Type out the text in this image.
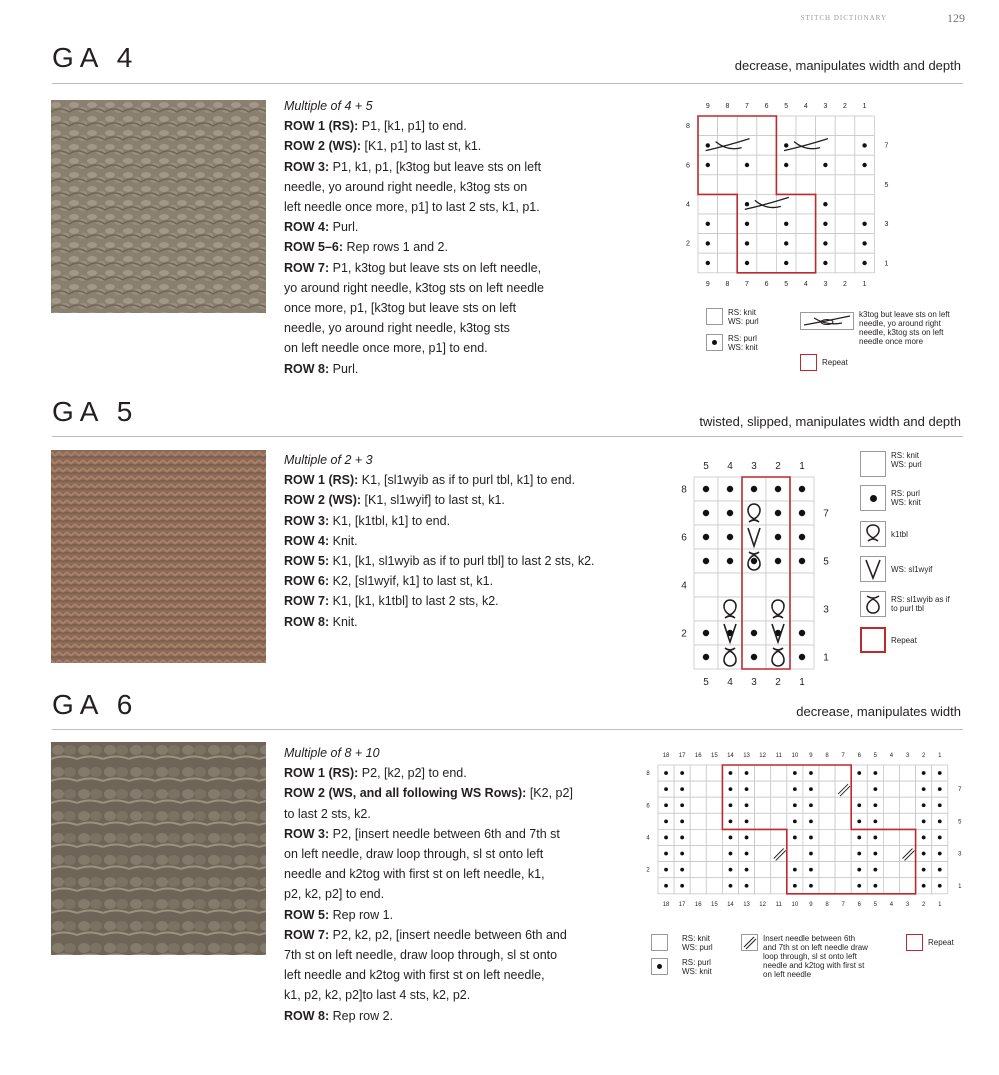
STITCH DICTIONARY	129
GA 4	decrease, manipulates width and depth

Multiple of 4 + 5

ROW 1 (RS): P1, [k1, p1] to end.

ROW 2 (WS): [K1, p1] to last st, k1.

ROW 3: P1, k1, p1, [k3tog but leave sts on left

needle, yo around right needle, k3tog sts on

left needle once more, p1] to last 2 sts, k1, p1.

ROW 4: Purl.

ROW 5–6: Rep rows 1 and 2.

ROW 7: P1, k3tog but leave sts on left needle,

yo around right needle, k3tog sts on left needle

once more, p1, [k3tog but leave sts on left

needle, yo around right needle, k3tog sts

on left needle once more, p1] to end.

ROW 8: Purl.

9
9
8
8
7
7
6
6
5
5
4
4
3
3
2
2
1
1
8
6
4
2
7
5
3
1
RS: knit
WS: purl
RS: purl
WS: knit
k3tog but leave sts on left
needle, yo around right
needle, k3tog sts on left
needle once more
Repeat
GA 5	twisted, slipped, manipulates width and depth

Multiple of 2 + 3

ROW 1 (RS): K1, [sl1wyib as if to purl tbl, k1] to end.

ROW 2 (WS): [K1, sl1wyif] to last st, k1.

ROW 3: K1, [k1tbl, k1] to end.

ROW 4: Knit.

ROW 5: K1, [k1, sl1wyib as if to purl tbl] to last 2 sts, k2.

ROW 6: K2, [sl1wyif, k1] to last st, k1.

ROW 7: K1, [k1, k1tbl] to last 2 sts, k2.

ROW 8: Knit.

5
5
4
4
3
3
2
2
1
1
8
6
4
2
7
5
3
1
RS: knit
WS: purl
RS: purl
WS: knit
k1tbl
WS: sl1wyif
RS: sl1wyib as if
to purl tbl
Repeat
GA 6	decrease, manipulates width

Multiple of 8 + 10

ROW 1 (RS): P2, [k2, p2] to end.

ROW 2 (WS, and all following WS Rows): [K2, p2]

to last 2 sts, k2.

ROW 3: P2, [insert needle between 6th and 7th st

on left needle, draw loop through, sl st onto left

needle and k2tog with first st on left needle, k1,

p2, k2, p2] to end.

ROW 5: Rep row 1.

ROW 7: P2, k2, p2, [insert needle between 6th and

7th st on left needle, draw loop through, sl st onto

left needle and k2tog with first st on left needle,

k1, p2, k2, p2]to last 4 sts, k2, p2.

ROW 8: Rep row 2.

18
18
17
17
16
16
15
15
14
14
13
13
12
12
11
11
10
10
9
9
8
8
7
7
6
6
5
5
4
4
3
3
2
2
1
1
8
6
4
2
7
5
3
1
RS: knit
WS: purl
RS: purl
WS: knit
Insert needle between 6th
and 7th st on left needle draw
loop through, sl st onto left
needle and k2tog with first st
on left needle
Repeat
